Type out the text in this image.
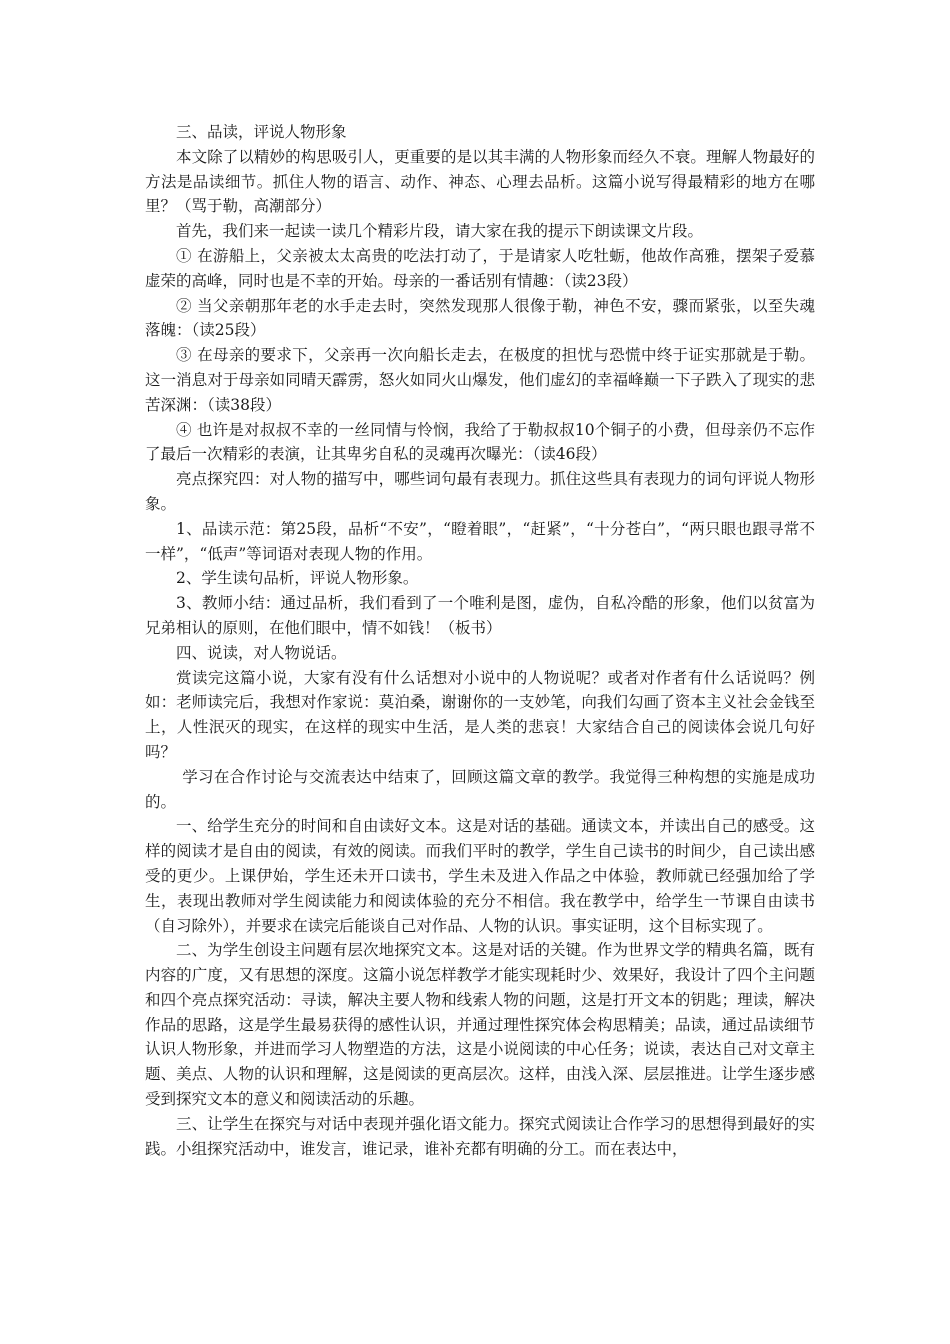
三、品读，评说人物形象

本文除了以精妙的构思吸引人，更重要的是以其丰满的人物形象而经久不衰。理解人物最好的方法是品读细节。抓住人物的语言、动作、神态、心理去品析。这篇小说写得最精彩的地方在哪里？（骂于勒，高潮部分）

首先，我们来一起读一读几个精彩片段，请大家在我的提示下朗读课文片段。

① 在游船上，父亲被太太高贵的吃法打动了，于是请家人吃牡蛎，他故作高雅，摆架子爱慕虚荣的高峰，同时也是不幸的开始。母亲的一番话别有情趣：（读23段）

② 当父亲朝那年老的水手走去时，突然发现那人很像于勒，神色不安，骤而紧张，以至失魂落魄：（读25段）

③ 在母亲的要求下，父亲再一次向船长走去，在极度的担忧与恐慌中终于证实那就是于勒。这一消息对于母亲如同晴天霹雳，怒火如同火山爆发，他们虚幻的幸福峰巅一下子跌入了现实的悲苦深渊：（读38段）

④ 也许是对叔叔不幸的一丝同情与怜悯，我给了于勒叔叔10个铜子的小费，但母亲仍不忘作了最后一次精彩的表演，让其卑劣自私的灵魂再次曝光：（读46段）

亮点探究四：对人物的描写中，哪些词句最有表现力。抓住这些具有表现力的词句评说人物形象。

1、品读示范：第25段，品析“不安”，“瞪着眼”，“赶紧”，“十分苍白”，“两只眼也跟寻常不一样”，“低声”等词语对表现人物的作用。

2、学生读句品析，评说人物形象。

3、教师小结：通过品析，我们看到了一个唯利是图，虚伪，自私冷酷的形象，他们以贫富为兄弟相认的原则，在他们眼中，情不如钱！（板书）

四、说读，对人物说话。

赏读完这篇小说，大家有没有什么话想对小说中的人物说呢？或者对作者有什么话说吗？例如：老师读完后，我想对作家说：莫泊桑，谢谢你的一支妙笔，向我们勾画了资本主义社会金钱至上，人性泯灭的现实，在这样的现实中生活，是人类的悲哀！大家结合自己的阅读体会说几句好吗？

学习在合作讨论与交流表达中结束了，回顾这篇文章的教学。我觉得三种构想的实施是成功的。

一、给学生充分的时间和自由读好文本。这是对话的基础。通读文本，并读出自己的感受。这样的阅读才是自由的阅读，有效的阅读。而我们平时的教学，学生自己读书的时间少，自己读出感受的更少。上课伊始，学生还未开口读书，学生未及进入作品之中体验，教师就已经强加给了学生，表现出教师对学生阅读能力和阅读体验的充分不相信。我在教学中，给学生一节课自由读书（自习除外），并要求在读完后能谈自己对作品、人物的认识。事实证明，这个目标实现了。

二、为学生创设主问题有层次地探究文本。这是对话的关键。作为世界文学的精典名篇，既有内容的广度，又有思想的深度。这篇小说怎样教学才能实现耗时少、效果好，我设计了四个主问题和四个亮点探究活动：寻读，解决主要人物和线索人物的问题，这是打开文本的钥匙；理读，解决作品的思路，这是学生最易获得的感性认识，并通过理性探究体会构思精美；品读，通过品读细节认识人物形象，并进而学习人物塑造的方法，这是小说阅读的中心任务；说读，表达自己对文章主题、美点、人物的认识和理解，这是阅读的更高层次。这样，由浅入深、层层推进。让学生逐步感受到探究文本的意义和阅读活动的乐趣。

三、让学生在探究与对话中表现并强化语文能力。探究式阅读让合作学习的思想得到最好的实践。小组探究活动中，谁发言，谁记录，谁补充都有明确的分工。而在表达中，
